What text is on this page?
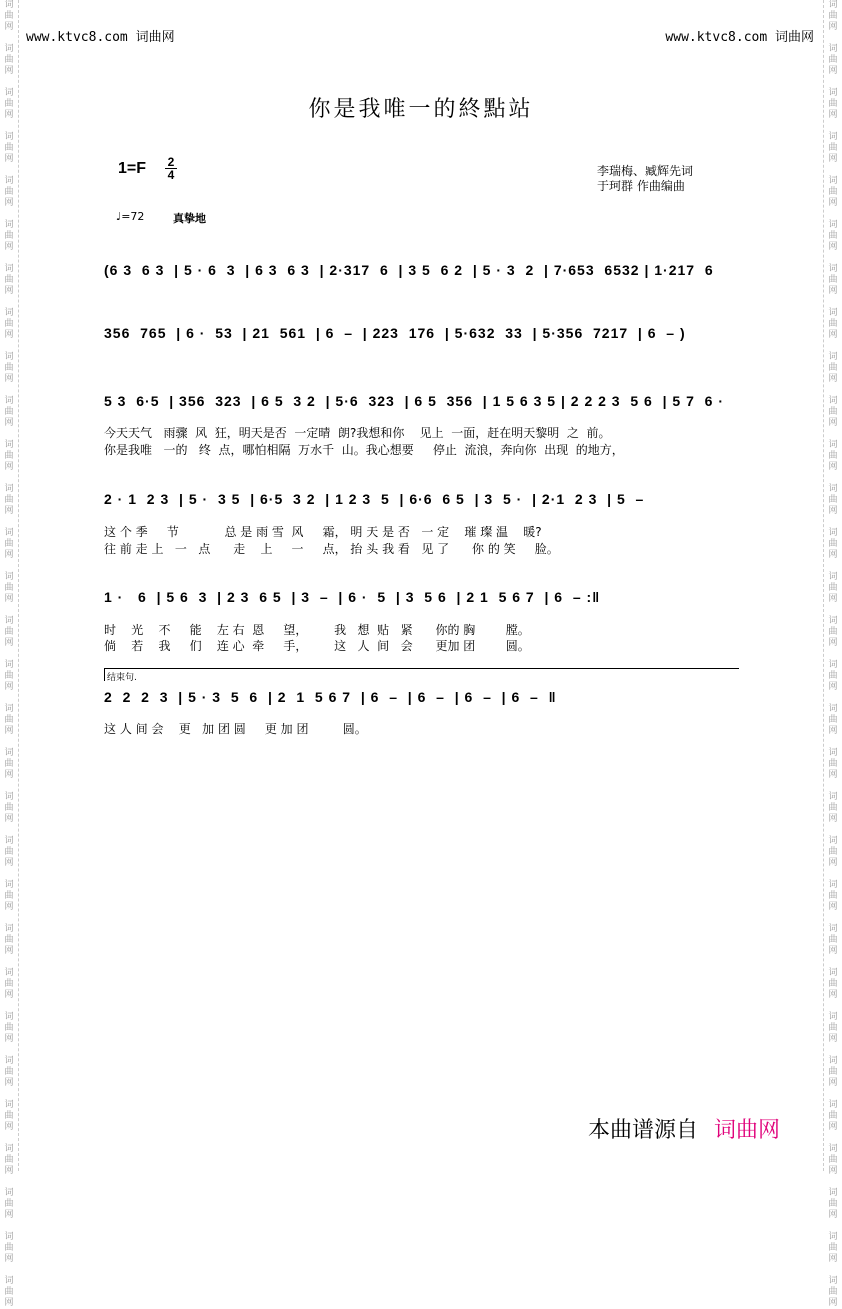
词
曲
网

词
曲
网

词
曲
网

词
曲
网

词
曲
网

词
曲
网

词
曲
网

词
曲
网

词
曲
网

词
曲
网

词
曲
网

词
曲
网

词
曲
网

词
曲
网

词
曲
网

词
曲
网

词
曲
网

词
曲
网

词
曲
网

词
曲
网

词
曲
网

词
曲
网

词
曲
网

词
曲
网

词
曲
网

词
曲
网

词
曲
网

词
曲
网

词
曲
网

词
曲
网
词
曲
网

词
曲
网

词
曲
网

词
曲
网

词
曲
网

词
曲
网

词
曲
网

词
曲
网

词
曲
网

词
曲
网

词
曲
网

词
曲
网

词
曲
网

词
曲
网

词
曲
网

词
曲
网

词
曲
网

词
曲
网

词
曲
网

词
曲
网

词
曲
网

词
曲
网

词
曲
网

词
曲
网

词
曲
网

词
曲
网

词
曲
网

词
曲
网

词
曲
网

词
曲
网
www.ktvc8.com 词曲网	www.ktvc8.com 词曲网
你是我唯一的終點站
1=F 2
4	李瑞梅、臧辉先词
于珂群 作曲编曲
♩=72	真挚地
(6 3  6 3  | 5 · 6  3  | 6 3  6 3  | 2·317  6  | 3 5  6 2  | 5 · 3  2  | 7·653  6532 | 1·217  6
356  765  | 6 ·  53  | 21  561  | 6  –  | 223  176  | 5·632  33  | 5·356  7217  | 6  – )
5 3  6·5  | 356  323  | 6 5  3 2  | 5·6  323  | 6 5  356  | 1 5 6 3 5 | 2 2 2 3  5 6  | 5 7  6 ·
今天天气   雨骤  风  狂，明天是否  一定晴  朗?我想和你    见上  一面，赶在明天黎明  之  前。
你是我唯   一的   终  点，哪怕相隔  万水千  山。我心想要     停止  流浪，奔向你  出现  的地方，
2 · 1  2 3  | 5 ·  3 5  | 6·5  3 2  | 1 2 3  5  | 6·6  6 5  | 3  5 ·  | 2·1  2 3  | 5  –
这 个 季     节            总 是 雨 雪  风     霜， 明 天 是 否   一 定    璀 璨 温    暖?
往 前 走 上   一   点      走    上     一     点， 抬 头 我 看   见 了      你 的 笑     脸。
1 ·   6  | 5 6  3  | 2 3  6 5  | 3  –  | 6 ·  5  | 3  5 6  | 2 1  5 6 7  | 6  – :‖
时    光    不     能    左 右  恩     望，       我   想  贴   紧      你的 胸        膛。
倘    若    我     们    连 心  牵     手，       这   人  间   会      更加 团        圆。
结束句.
2  2  2  3  | 5 · 3  5  6  | 2  1  5 6 7  | 6  –  | 6  –  | 6  –  | 6  –  ‖
这 人 间 会    更   加 团 圆     更 加 团         圆。
本曲谱源自 词曲网
